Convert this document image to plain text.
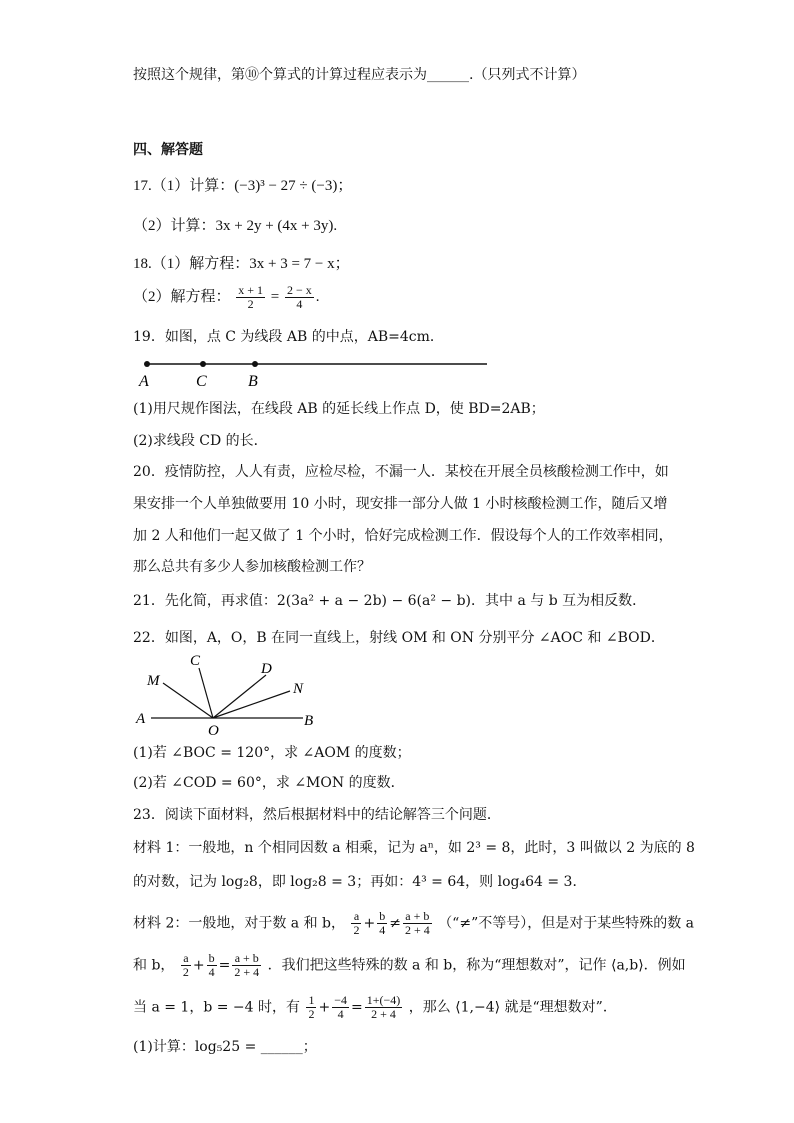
按照这个规律，第⑩个算式的计算过程应表示为______.（只列式不计算）
四、解答题
17.（1）计算：(−3)³ − 27 ÷ (−3)；
（2）计算：3x + 2y + (4x + 3y).
18.（1）解方程：3x + 3 = 7 − x；
（2）解方程： $\frac{x + 1}{2} = \frac{2 - x}{4}$ .
19．如图，点 C 为线段 AB 的中点，AB=4cm．
A	C	B
(1)用尺规作图法，在线段 AB 的延长线上作点 D，使 BD=2AB；
(2)求线段 CD 的长．
20．疫情防控，人人有责，应检尽检，不漏一人．某校在开展全员核酸检测工作中，如
果安排一个人单独做要用 10 小时，现安排一部分人做 1 小时核酸检测工作，随后又增
加 2 人和他们一起又做了 1 个小时，恰好完成检测工作．假设每个人的工作效率相同，
那么总共有多少人参加核酸检测工作？
21．先化简，再求值：2(3a² + a − 2b) − 6(a² − b)．其中 a 与 b 互为相反数．
22．如图，A，O，B 在同一直线上，射线 OM 和 ON 分别平分 ∠AOC 和 ∠BOD．
M
C	D
N
A
O
B
(1)若 ∠BOC = 120°，求 ∠AOM 的度数；
(2)若 ∠COD = 60°，求 ∠MON 的度数．
23．阅读下面材料，然后根据材料中的结论解答三个问题．
材料 1：一般地，n 个相同因数 a 相乘，记为 aⁿ，如 2³ = 8，此时，3 叫做以 2 为底的 8
的对数，记为 log₂8，即 log₂8 = 3；再如：4³ = 64，则 log₄64 = 3．
材料 2：一般地，对于数 a 和 b， $\frac{a}{2} + \frac{b}{4} \ne \frac{a + b}{2 + 4}$ （“≠”不等号），但是对于某些特殊的数 a
和 b， $\frac{a}{2} + \frac{b}{4} = \frac{a + b}{2 + 4}$ ．我们把这些特殊的数 a 和 b，称为“理想数对”，记作 ⟨a,b⟩．例如
当 a = 1，b = −4 时，有 $\frac{1}{2} + \frac{-4}{4} = \frac{1+(-4)}{2 + 4}$ ，那么 ⟨1,−4⟩ 就是“理想数对”．
(1)计算：log₅25 = ______；
